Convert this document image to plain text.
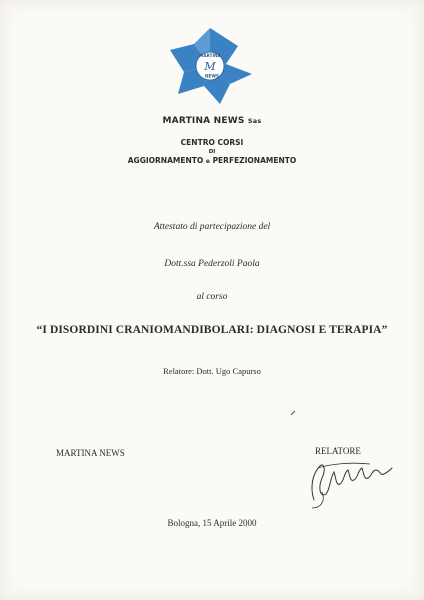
MARTINA
M
NEWS
MARTINA NEWS Sas
CENTRO CORSI
DI
AGGIORNAMENTO e PERFEZIONAMENTO
Attestato di partecipazione del
Dott.ssa Pederzoli Paola
al corso
“I DISORDINI CRANIOMANDIBOLARI: DIAGNOSI E TERAPIA”
Relatore: Dott. Ugo Capurso
MARTINA NEWS	RELATORE
Bologna, 15 Aprile 2000
